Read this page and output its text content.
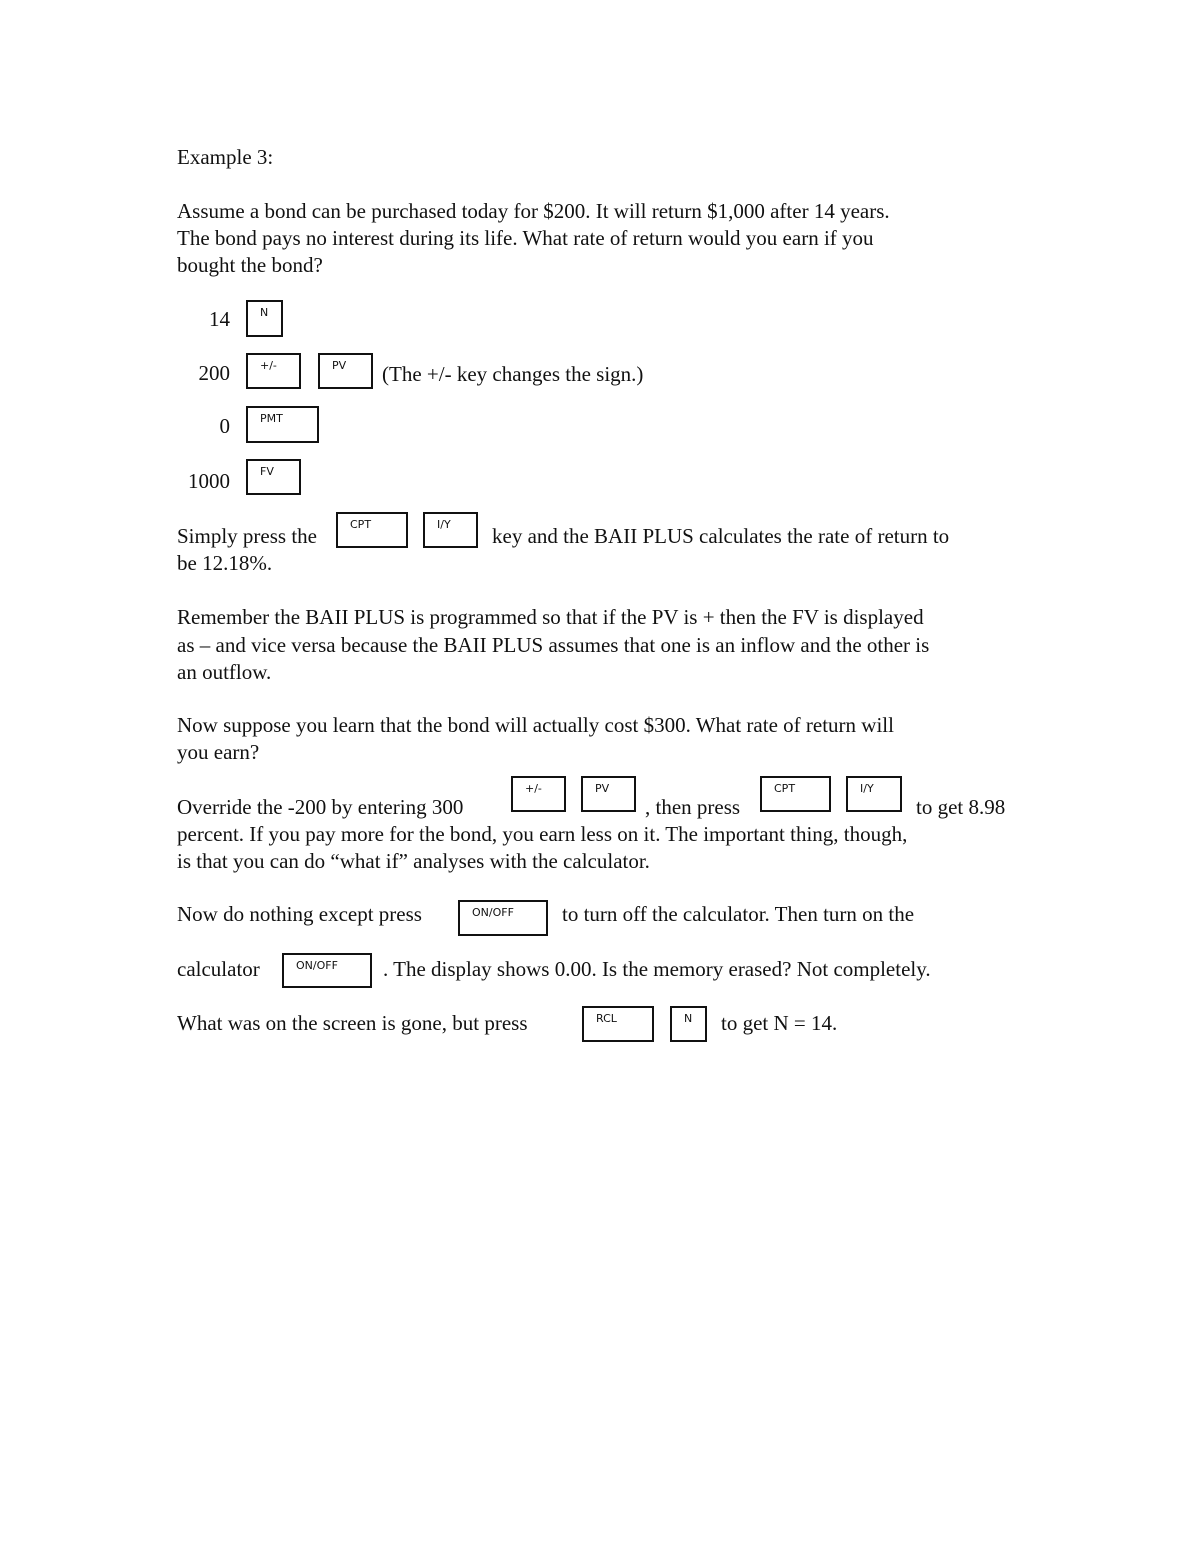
Example 3:
Assume a bond can be purchased today for $200. It will return $1,000 after 14 years.
The bond pays no interest during its life. What rate of return would you earn if you
bought the bond?
14	N
200	+/-	PV	(The +/- key changes the sign.)
0	PMT
1000	FV
Simply press the	CPT	I/Y	key and the BAII PLUS calculates the rate of return to
be 12.18%.
Remember the BAII PLUS is programmed so that if the PV is + then the FV is displayed
as – and vice versa because the BAII PLUS assumes that one is an inflow and the other is
an outflow.
Now suppose you learn that the bond will actually cost $300. What rate of return will
you earn?
Override the -200 by entering 300
+/-	PV
, then press
CPT	I/Y
to get 8.98
percent. If you pay more for the bond, you earn less on it. The important thing, though,
is that you can do “what if” analyses with the calculator.
Now do nothing except press	ON/OFF	to turn off the calculator. Then turn on the
calculator	ON/OFF	. The display shows 0.00. Is the memory erased? Not completely.
What was on the screen is gone, but press	RCL	N	to get N = 14.
